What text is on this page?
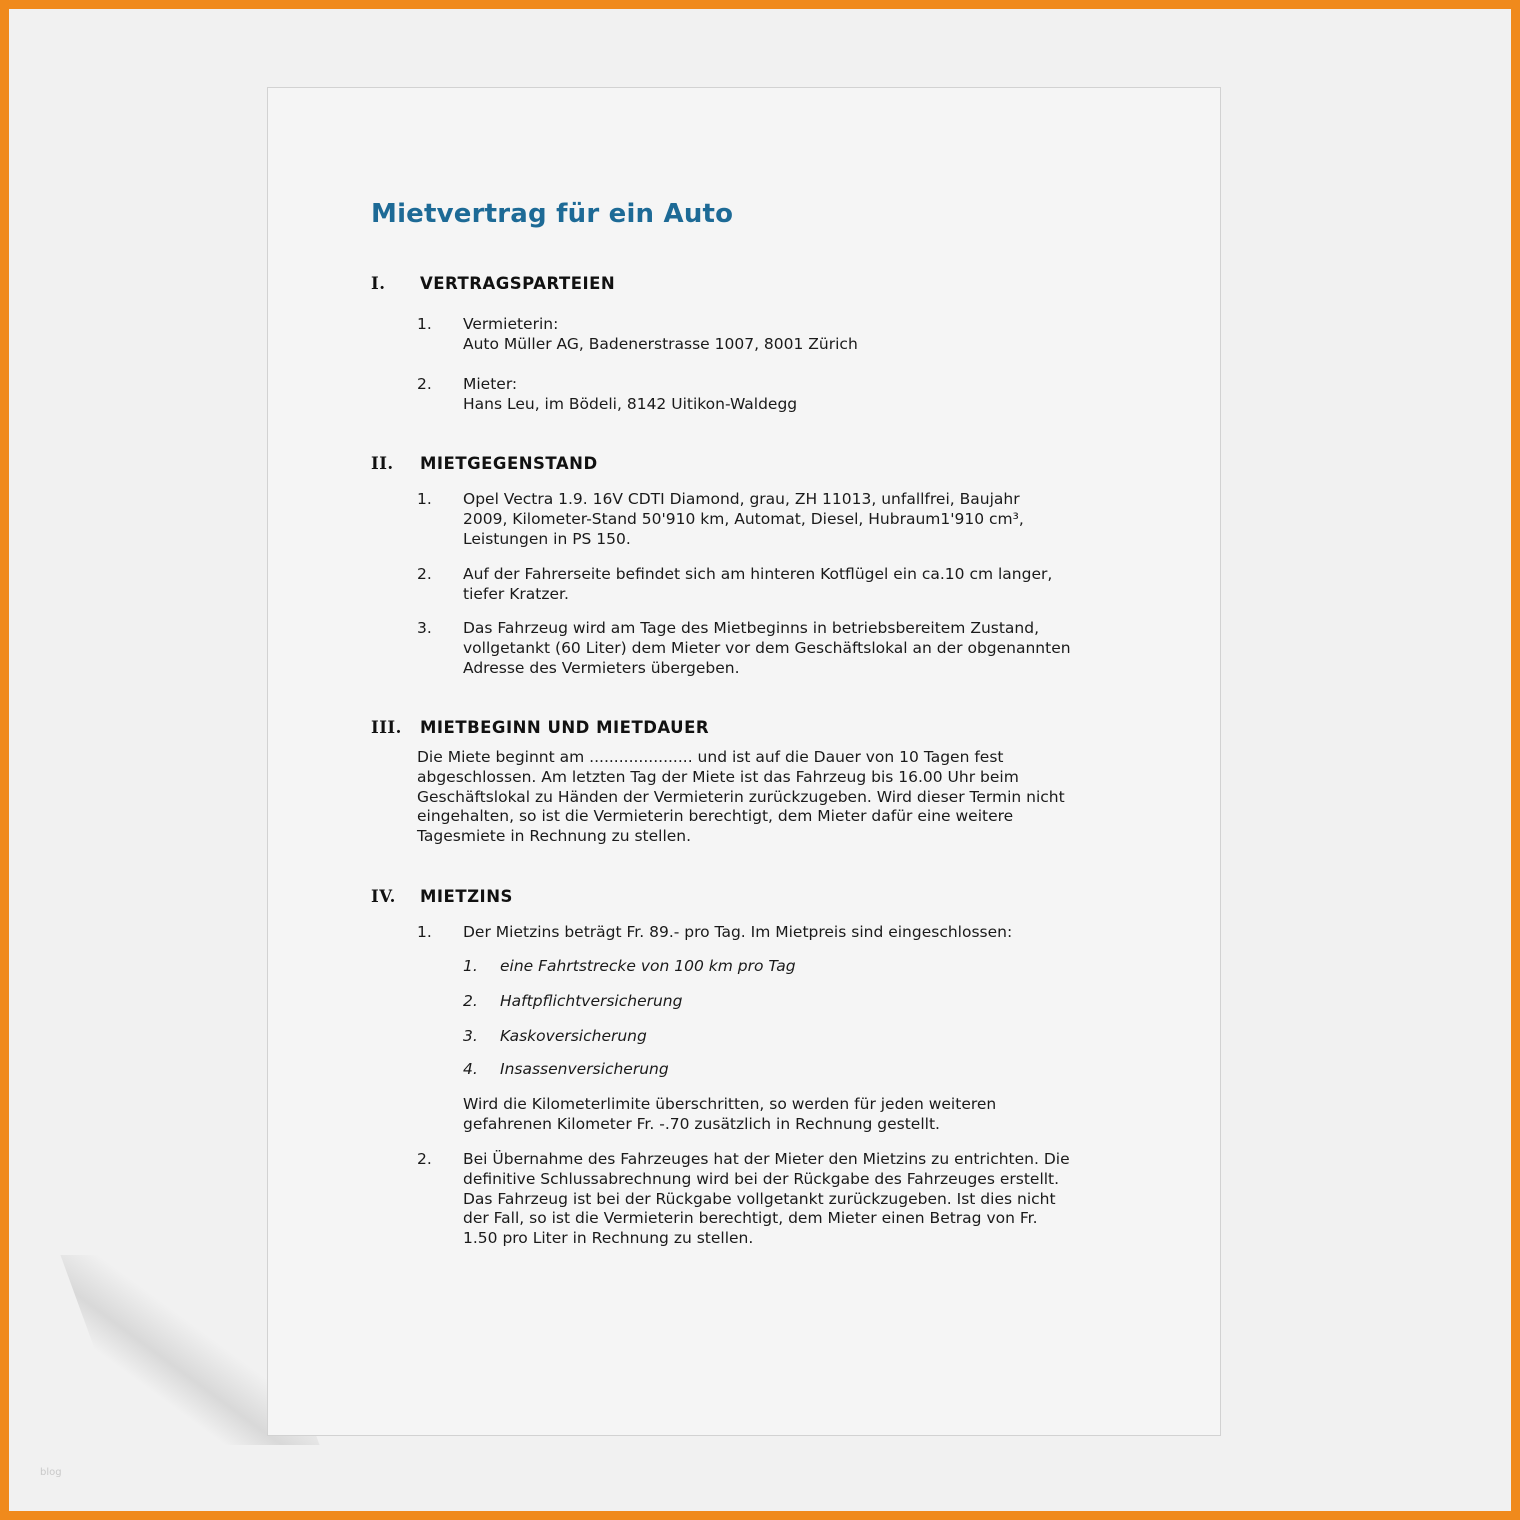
blog
Mietvertrag für ein Auto
I. VERTRAGSPARTEIEN
1. Vermieterin:
Auto Müller AG, Badenerstrasse 1007, 8001 Zürich
2. Mieter:
Hans Leu, im Bödeli, 8142 Uitikon-Waldegg
II. MIETGEGENSTAND
1. Opel Vectra 1.9. 16V CDTI Diamond, grau, ZH 11013, unfallfrei, Baujahr
2009, Kilometer-Stand 50'910 km, Automat, Diesel, Hubraum1'910 cm³,
Leistungen in PS 150.
2. Auf der Fahrerseite befindet sich am hinteren Kotflügel ein ca.10 cm langer,
tiefer Kratzer.
3. Das Fahrzeug wird am Tage des Mietbeginns in betriebsbereitem Zustand,
vollgetankt (60 Liter) dem Mieter vor dem Geschäftslokal an der obgenannten
Adresse des Vermieters übergeben.
III. MIETBEGINN UND MIETDAUER
Die Miete beginnt am ..................... und ist auf die Dauer von 10 Tagen fest
abgeschlossen. Am letzten Tag der Miete ist das Fahrzeug bis 16.00 Uhr beim
Geschäftslokal zu Händen der Vermieterin zurückzugeben. Wird dieser Termin nicht
eingehalten, so ist die Vermieterin berechtigt, dem Mieter dafür eine weitere
Tagesmiete in Rechnung zu stellen.
IV. MIETZINS
1. Der Mietzins beträgt Fr. 89.- pro Tag. Im Mietpreis sind eingeschlossen:
1. eine Fahrtstrecke von 100 km pro Tag
2. Haftpflichtversicherung
3. Kaskoversicherung
4. Insassenversicherung
Wird die Kilometerlimite überschritten, so werden für jeden weiteren
gefahrenen Kilometer Fr. -.70 zusätzlich in Rechnung gestellt.
2. Bei Übernahme des Fahrzeuges hat der Mieter den Mietzins zu entrichten. Die
definitive Schlussabrechnung wird bei der Rückgabe des Fahrzeuges erstellt.
Das Fahrzeug ist bei der Rückgabe vollgetankt zurückzugeben. Ist dies nicht
der Fall, so ist die Vermieterin berechtigt, dem Mieter einen Betrag von Fr.
1.50 pro Liter in Rechnung zu stellen.
